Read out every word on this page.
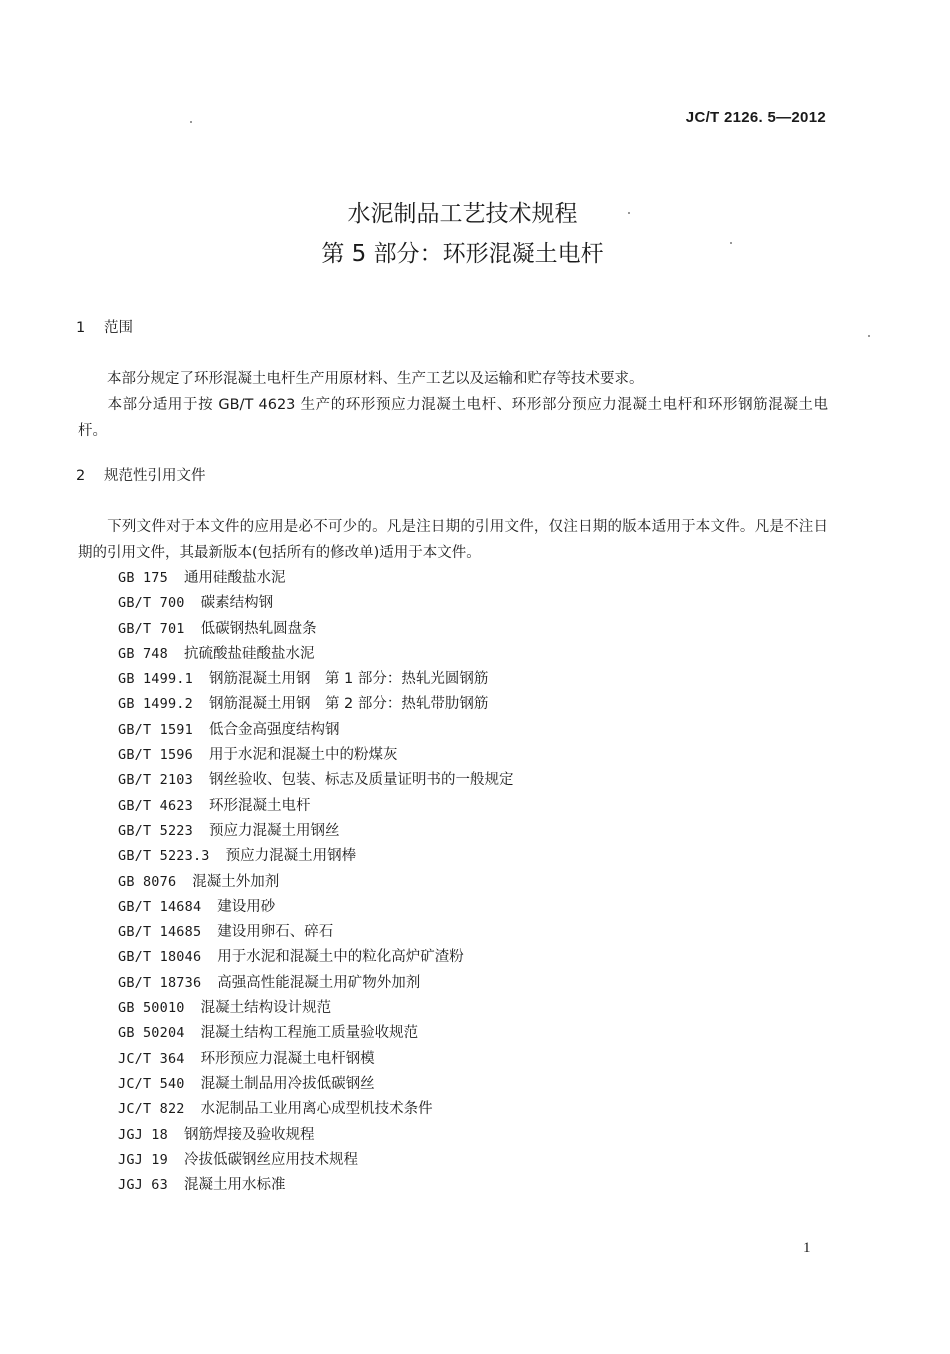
JC/T 2126. 5—2012
水泥制品工艺技术规程
第 5 部分：环形混凝土电杆
1 范围
本部分规定了环形混凝土电杆生产用原材料、生产工艺以及运输和贮存等技术要求。
本部分适用于按 GB/T 4623 生产的环形预应力混凝土电杆、环形部分预应力混凝土电杆和环形钢筋混凝土电杆。
2 规范性引用文件
下列文件对于本文件的应用是必不可少的。凡是注日期的引用文件，仅注日期的版本适用于本文件。凡是不注日期的引用文件，其最新版本(包括所有的修改单)适用于本文件。
GB 175 通用硅酸盐水泥
GB/T 700 碳素结构钢
GB/T 701 低碳钢热轧圆盘条
GB 748 抗硫酸盐硅酸盐水泥
GB 1499.1 钢筋混凝土用钢　第 1 部分：热轧光圆钢筋
GB 1499.2 钢筋混凝土用钢　第 2 部分：热轧带肋钢筋
GB/T 1591 低合金高强度结构钢
GB/T 1596 用于水泥和混凝土中的粉煤灰
GB/T 2103 钢丝验收、包装、标志及质量证明书的一般规定
GB/T 4623 环形混凝土电杆
GB/T 5223 预应力混凝土用钢丝
GB/T 5223.3 预应力混凝土用钢棒
GB 8076 混凝土外加剂
GB/T 14684 建设用砂
GB/T 14685 建设用卵石、碎石
GB/T 18046 用于水泥和混凝土中的粒化高炉矿渣粉
GB/T 18736 高强高性能混凝土用矿物外加剂
GB 50010 混凝土结构设计规范
GB 50204 混凝土结构工程施工质量验收规范
JC/T 364 环形预应力混凝土电杆钢模
JC/T 540 混凝土制品用冷拔低碳钢丝
JC/T 822 水泥制品工业用离心成型机技术条件
JGJ 18 钢筋焊接及验收规程
JGJ 19 冷拔低碳钢丝应用技术规程
JGJ 63 混凝土用水标准
1
